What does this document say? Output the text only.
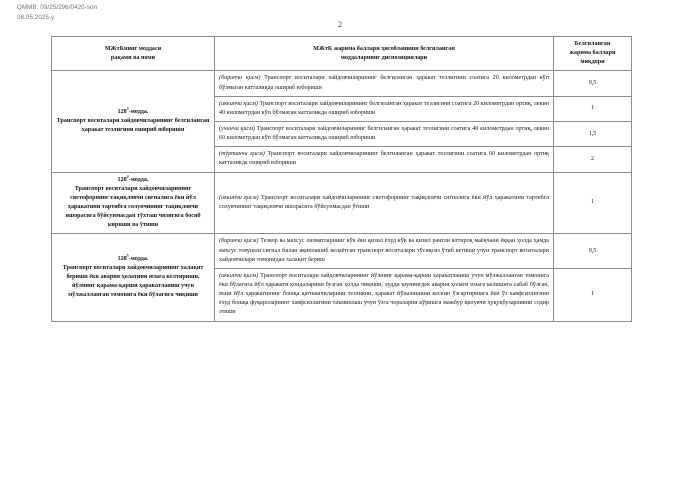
QMMB: 09/25/296/0420-son
08.05.2025-y
2
МЖтКнинг моддаси
рақами ва номи	МЖтК жарима баллари ҳисобланиши белгиланган
моддаларнинг диспозициялари	Белгиланган
жарима баллари
миқдори
$128^3$-модда.
Транспорт воситалари хайдовчиларининг белгиланган ҳаракат тезлигини ошириб юбориши	(биринчи қисм) Транспорт воситалари хайдовчиларининг белгиланган ҳаракат тезлигини соатига 20 километрдан кўп бўлмаган катталикда ошириб юбориши	0,5
	(иккинчи қисм) Транспорт воситалари хайдовчиларининг белгиланган ҳаракат тезлигини соатига 20 километрдан ортиқ, лекин 40 километрдан кўп бўлмаган катталикда ошириб юбориши	1
	(учинчи қисм) Транспорт воситалари хайдовчиларининг белгиланган ҳаракат тезлигини соатига 40 километрдан ортиқ, лекин 60 километрдан кўп бўлмаган катталикда ошириб юбориши	1,5
	(тўртинчи қисм) Транспорт воситалари хайдовчиларининг белгиланган ҳаракат тезлигини соатига 60 километрдан ортиқ катталикда ошириб юбориши	2
$128^4$-модда.
Транспорт воситалари хайдовчиларининг светофорнинг тақиқловчи сигналига ёки йўл ҳаракатини тартибга солувчининг тақиқловчи ишорасига бўйсунмасдан тўхташ чизиғига босиб кириши ва ўтиши	(иккинчи қисм) Транспорт воситалари хайдовчиларининг светофорнинг тақиқловчи сигналига ёки йўл ҳаракатини тартибга солувчининг тақиқловчи ишорасига бўйсунмасдан ўтиши	1
$128^5$-модда.
Транспорт воситалари хайдовчиларининг халақит бериши ёки авария ҳолатини юзага келтириши, йўлнинг қарама-қарши ҳаракатланиш учун мўлжалланган томонига ёки бўлагига чиқиши	(биринчи қисм) Тезкор ва махсус хизматларнинг кўк ёки қизил ёхуд кўк ва қизил рангли ялтироқ маёқчани ёққан ҳолда ҳамда махсус товушли сигнал билан яқинлашиб келаётган транспорт воситалари тўсиқсиз ўтиб кетиши учун транспорт воситалари хайдовчилари томонидан халақит бериш	0,5
	(иккинчи қисм) Транспорт воситалари хайдовчиларининг йўлнинг қарама-қарши ҳаракатланиш учун мўлжалланган томонига ёки бўлагига йўл ҳаракати қоидаларини бузган ҳолда чиқиши, худди шунингдек авария ҳолати юзага келишига сабаб бўлган, яъни йўл ҳаракатининг бошқа қатнашчиларини тезликни, ҳаракат йўналишини кескин ўзгартиришга ёки ўз хавфсизлигини ёхуд бошқа фуқароларнинг хавфсизлигини таъминлаш учун ўзга чораларни кўришга мажбур қилувчи ҳуқуқбузарликни содир этиши	1
